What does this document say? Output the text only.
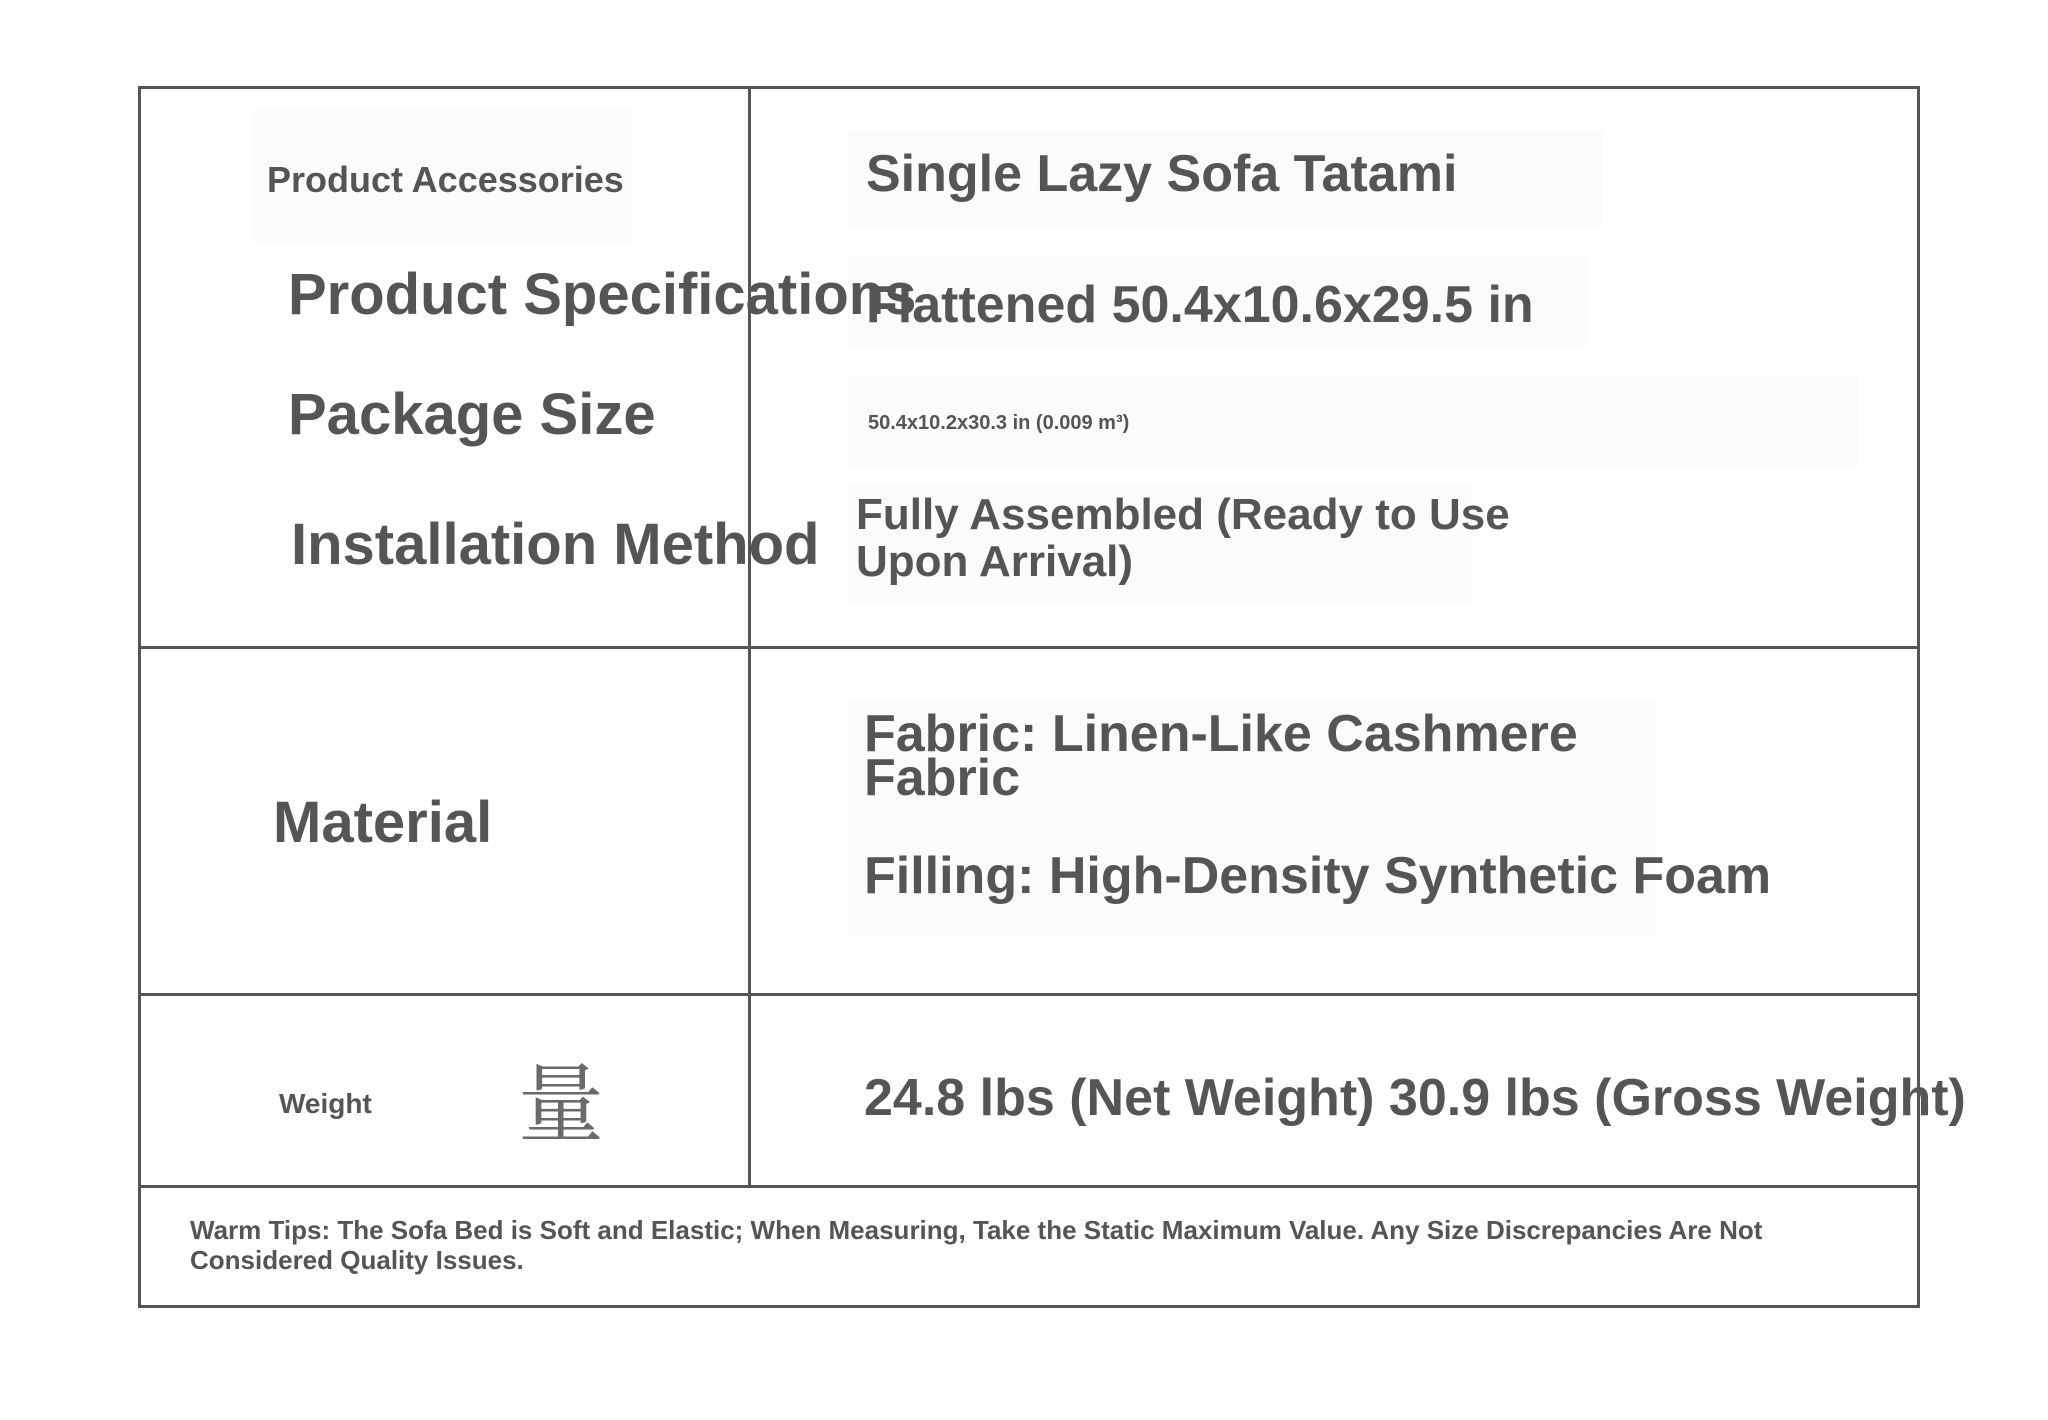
Product Accessories
Product Specifications
Package Size
Installation Method
Single Lazy Sofa Tatami
Flattened 50.4x10.6x29.5 in
50.4x10.2x30.3 in (0.009 m³)
Fully Assembled (Ready to Use
Upon Arrival)
Material
Fabric: Linen-Like Cashmere
Fabric
Filling: High-Density Synthetic Foam
Weight 量	24.8 lbs (Net Weight) 30.9 lbs (Gross Weight)
Warm Tips: The Sofa Bed is Soft and Elastic; When Measuring, Take the Static Maximum Value. Any Size Discrepancies Are Not Considered Quality Issues.
